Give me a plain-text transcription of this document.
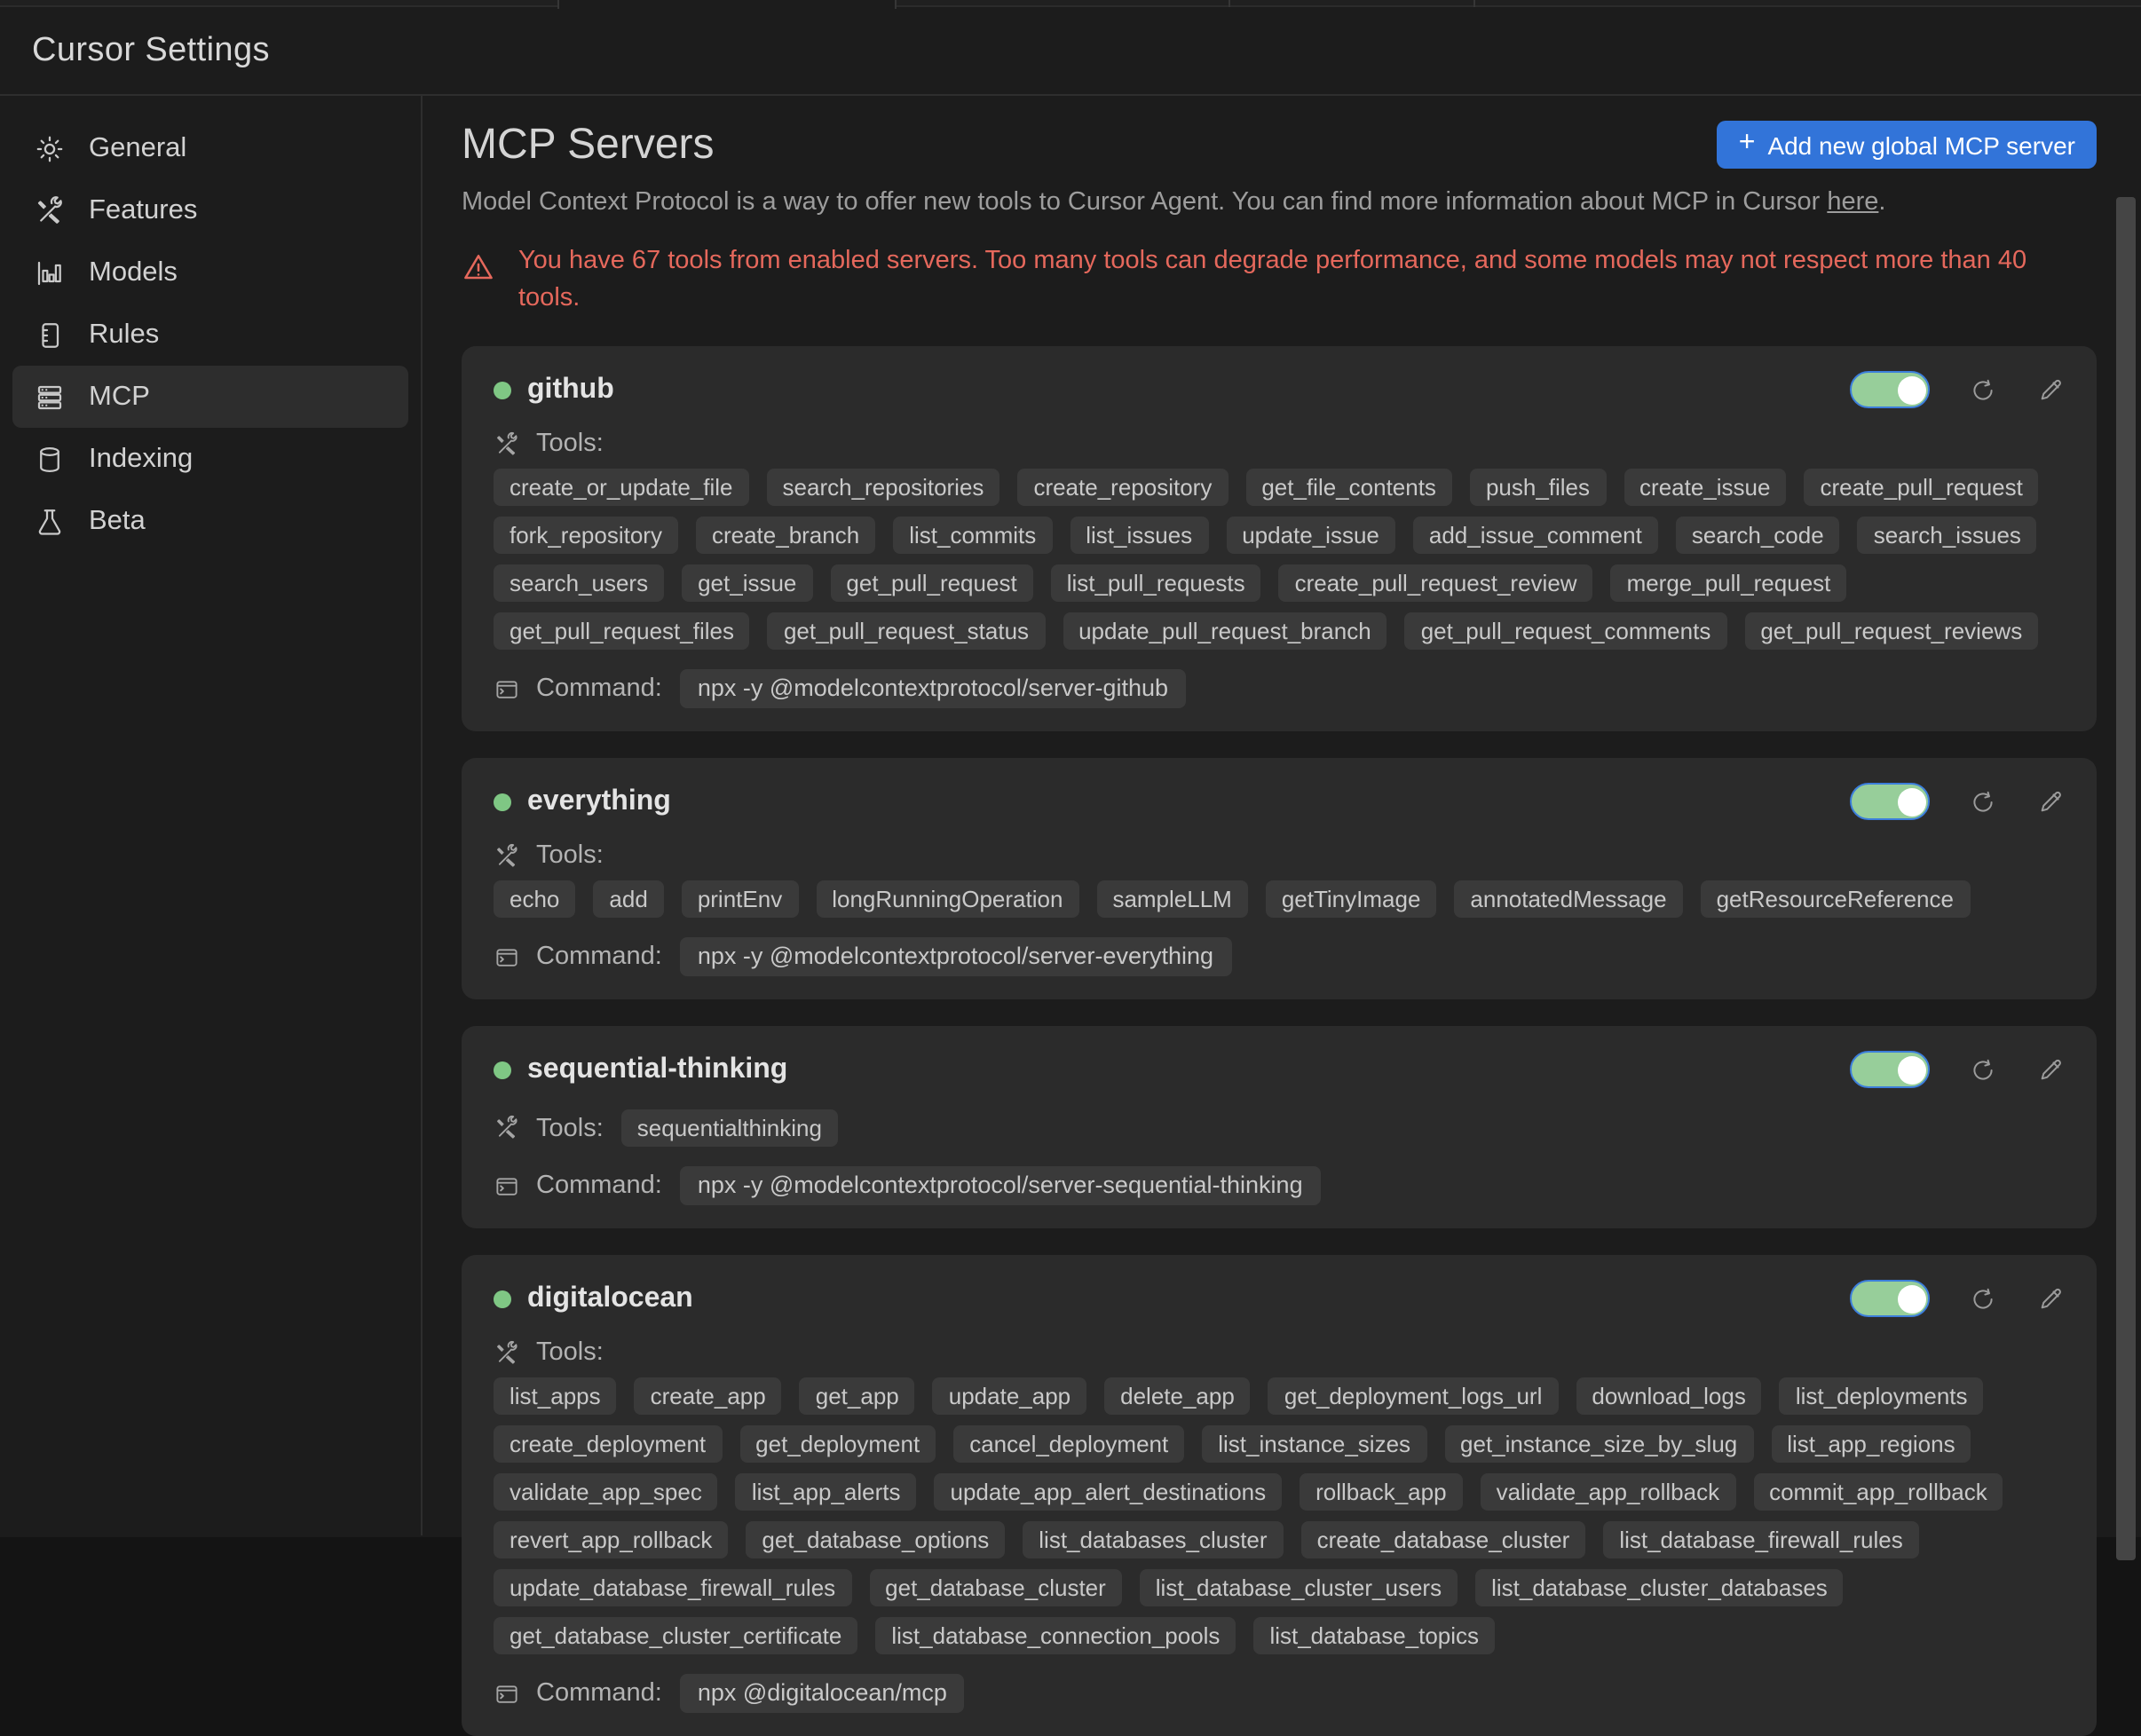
Cursor Settings
General
Features
Models
Rules
MCP
Indexing
Beta
MCP Servers	+ Add new global MCP server

Model Context Protocol is a way to offer new tools to Cursor Agent. You can find more information about MCP in Cursor here.

You have 67 tools from enabled servers. Too many tools can degrade performance, and some models may not respect more than 40 tools.
github
Tools:
create_or_update_file	search_repositories	create_repository	get_file_contents	push_files	create_issue	create_pull_request
fork_repository	create_branch	list_commits	list_issues	update_issue	add_issue_comment	search_code	search_issues
search_users	get_issue	get_pull_request	list_pull_requests	create_pull_request_review	merge_pull_request
get_pull_request_files	get_pull_request_status	update_pull_request_branch	get_pull_request_comments	get_pull_request_reviews
Command:	npx -y @modelcontextprotocol/server-github
everything
Tools:
echo	add	printEnv	longRunningOperation	sampleLLM	getTinyImage	annotatedMessage	getResourceReference
Command:	npx -y @modelcontextprotocol/server-everything
sequential-thinking
Tools:	sequentialthinking
Command:	npx -y @modelcontextprotocol/server-sequential-thinking
digitalocean
Tools:
list_apps	create_app	get_app	update_app	delete_app	get_deployment_logs_url	download_logs	list_deployments
create_deployment	get_deployment	cancel_deployment	list_instance_sizes	get_instance_size_by_slug	list_app_regions
validate_app_spec	list_app_alerts	update_app_alert_destinations	rollback_app	validate_app_rollback	commit_app_rollback
revert_app_rollback	get_database_options	list_databases_cluster	create_database_cluster	list_database_firewall_rules
update_database_firewall_rules	get_database_cluster	list_database_cluster_users	list_database_cluster_databases
get_database_cluster_certificate	list_database_connection_pools	list_database_topics
Command:	npx @digitalocean/mcp
